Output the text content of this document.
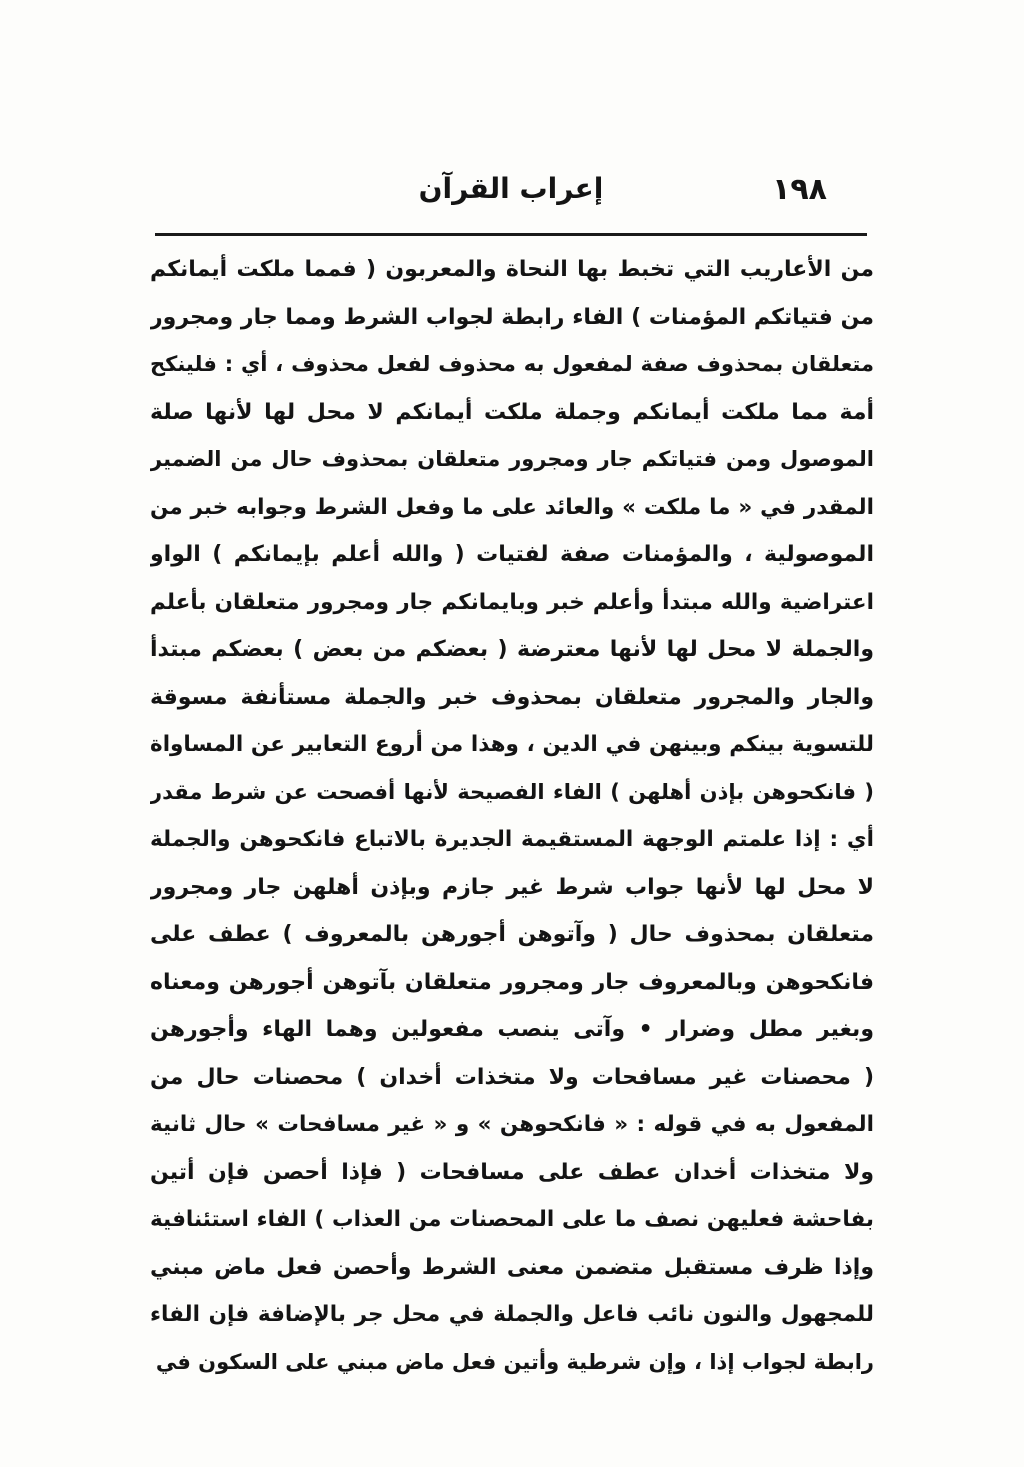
١٩٨
إعراب القرآن
من الأعاريب التي تخبط بها النحاة والمعربون ( فمما ملكت أيمانكم
من فتياتكم المؤمنات ) الفاء رابطة لجواب الشرط ومما جار ومجرور
متعلقان بمحذوف صفة لمفعول به محذوف لفعل محذوف ، أي : فلينكح
أمة مما ملكت أيمانكم وجملة ملكت أيمانكم لا محل لها لأنها صلة
الموصول ومن فتياتكم جار ومجرور متعلقان بمحذوف حال من الضمير
المقدر في « ما ملكت » والعائد على ما وفعل الشرط وجوابه خبر من
الموصولية ، والمؤمنات صفة لفتيات ( والله أعلم بإيمانكم ) الواو
اعتراضية والله مبتدأ وأعلم خبر وبايمانكم جار ومجرور متعلقان بأعلم
والجملة لا محل لها لأنها معترضة ( بعضكم من بعض ) بعضكم مبتدأ
والجار والمجرور متعلقان بمحذوف خبر والجملة مستأنفة مسوقة
للتسوية بينكم وبينهن في الدين ، وهذا من أروع التعابير عن المساواة
( فانكحوهن بإذن أهلهن ) الفاء الفصيحة لأنها أفصحت عن شرط مقدر
أي : إذا علمتم الوجهة المستقيمة الجديرة بالاتباع فانكحوهن والجملة
لا محل لها لأنها جواب شرط غير جازم وبإذن أهلهن جار ومجرور
متعلقان بمحذوف حال ( وآتوهن أجورهن بالمعروف ) عطف على
فانكحوهن وبالمعروف جار ومجرور متعلقان بآتوهن أجورهن ومعناه
وبغير مطل وضرار • وآتى ينصب مفعولين وهما الهاء وأجورهن
( محصنات غير مسافحات ولا متخذات أخدان ) محصنات حال من
المفعول به في قوله : « فانكحوهن » و « غير مسافحات » حال ثانية
ولا متخذات أخدان عطف على مسافحات ( فإذا أحصن فإن أتين
بفاحشة فعليهن نصف ما على المحصنات من العذاب ) الفاء استئنافية
وإذا ظرف مستقبل متضمن معنى الشرط وأحصن فعل ماض مبني
للمجهول والنون نائب فاعل والجملة في محل جر بالإضافة فإن الفاء
رابطة لجواب إذا ، وإن شرطية وأتين فعل ماض مبني على السكون في
